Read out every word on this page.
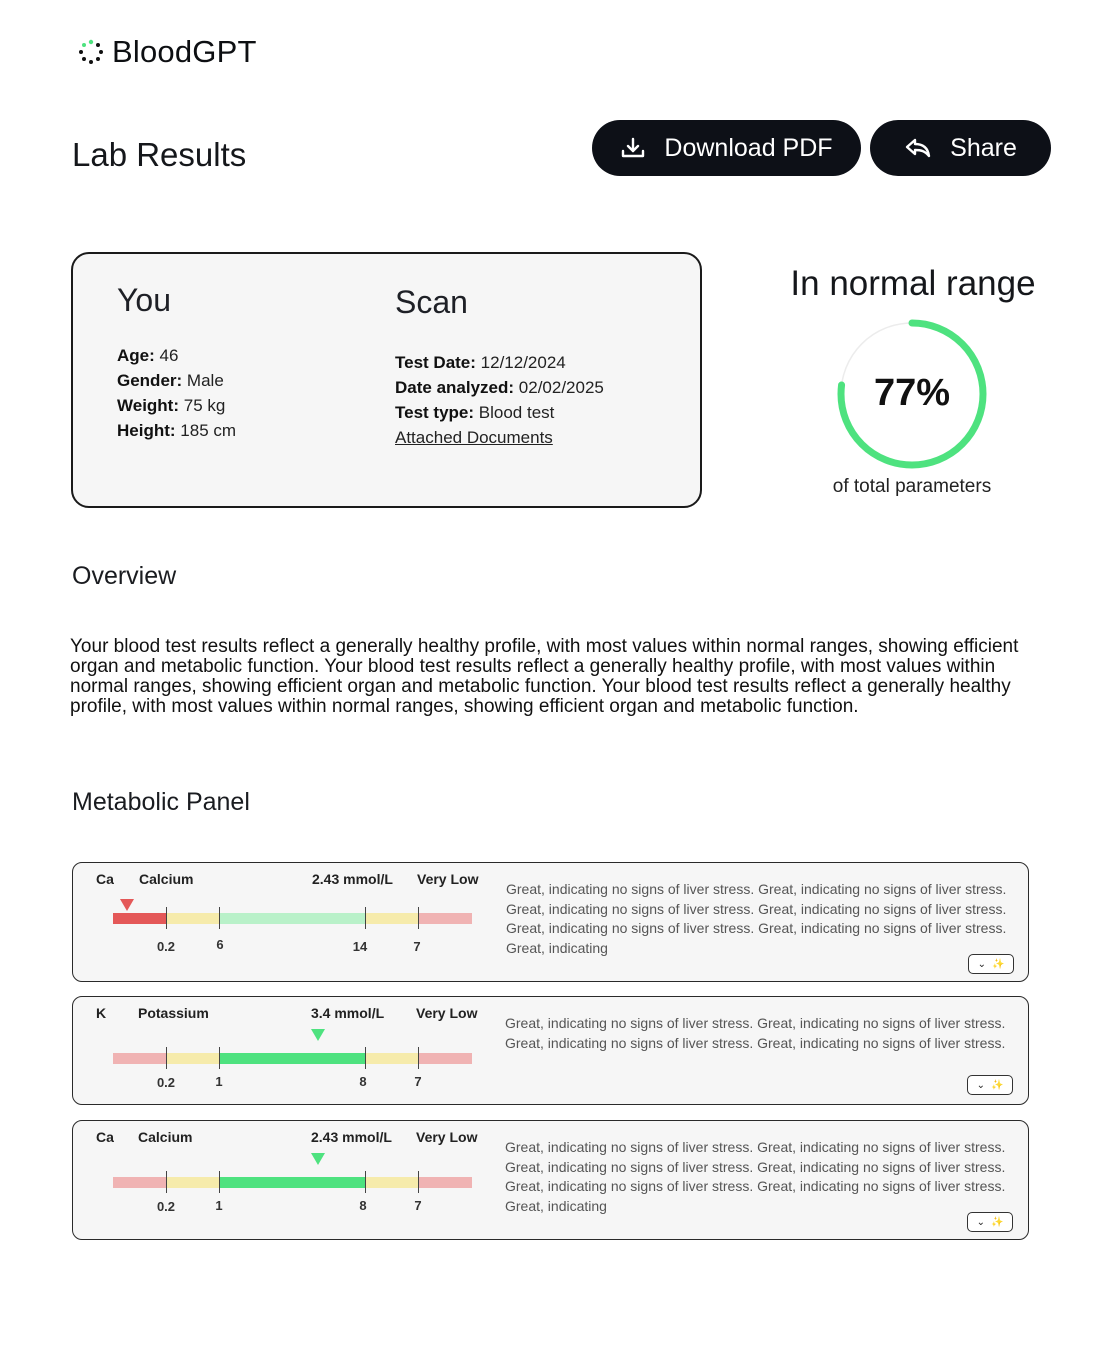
BloodGPT
Lab Results	Download PDF	Share
You
Age: 46
Gender: Male
Weight: 75 kg
Height: 185 cm
Scan
Test Date: 12/12/2024
Date analyzed: 02/02/2025
Test type: Blood test
Attached Documents
In normal range
77%
of total parameters
Overview
Your blood test results reflect a generally healthy profile, with most values within normal ranges, showing efficient organ and metabolic function. Your blood test results reflect a generally healthy profile, with most values within normal ranges, showing efficient organ and metabolic function. Your blood test results reflect a generally healthy profile, with most values within normal ranges, showing efficient organ and metabolic function.
Metabolic Panel
Ca Calcium	2.43 mmol/L Very Low
0.2	6	14	7
Great, indicating no signs of liver stress. Great, indicating no signs of liver stress. Great, indicating no signs of liver stress. Great, indicating no signs of liver stress. Great, indicating no signs of liver stress. Great, indicating no signs of liver stress. Great, indicating
⌄ ✨
K Potassium	3.4 mmol/L Very Low
0.2	1	8	7
Great, indicating no signs of liver stress. Great, indicating no signs of liver stress. Great, indicating no signs of liver stress. Great, indicating no signs of liver stress.
⌄ ✨
Ca Calcium	2.43 mmol/L Very Low
0.2	1	8	7
Great, indicating no signs of liver stress. Great, indicating no signs of liver stress. Great, indicating no signs of liver stress. Great, indicating no signs of liver stress. Great, indicating no signs of liver stress. Great, indicating no signs of liver stress. Great, indicating
⌄ ✨
